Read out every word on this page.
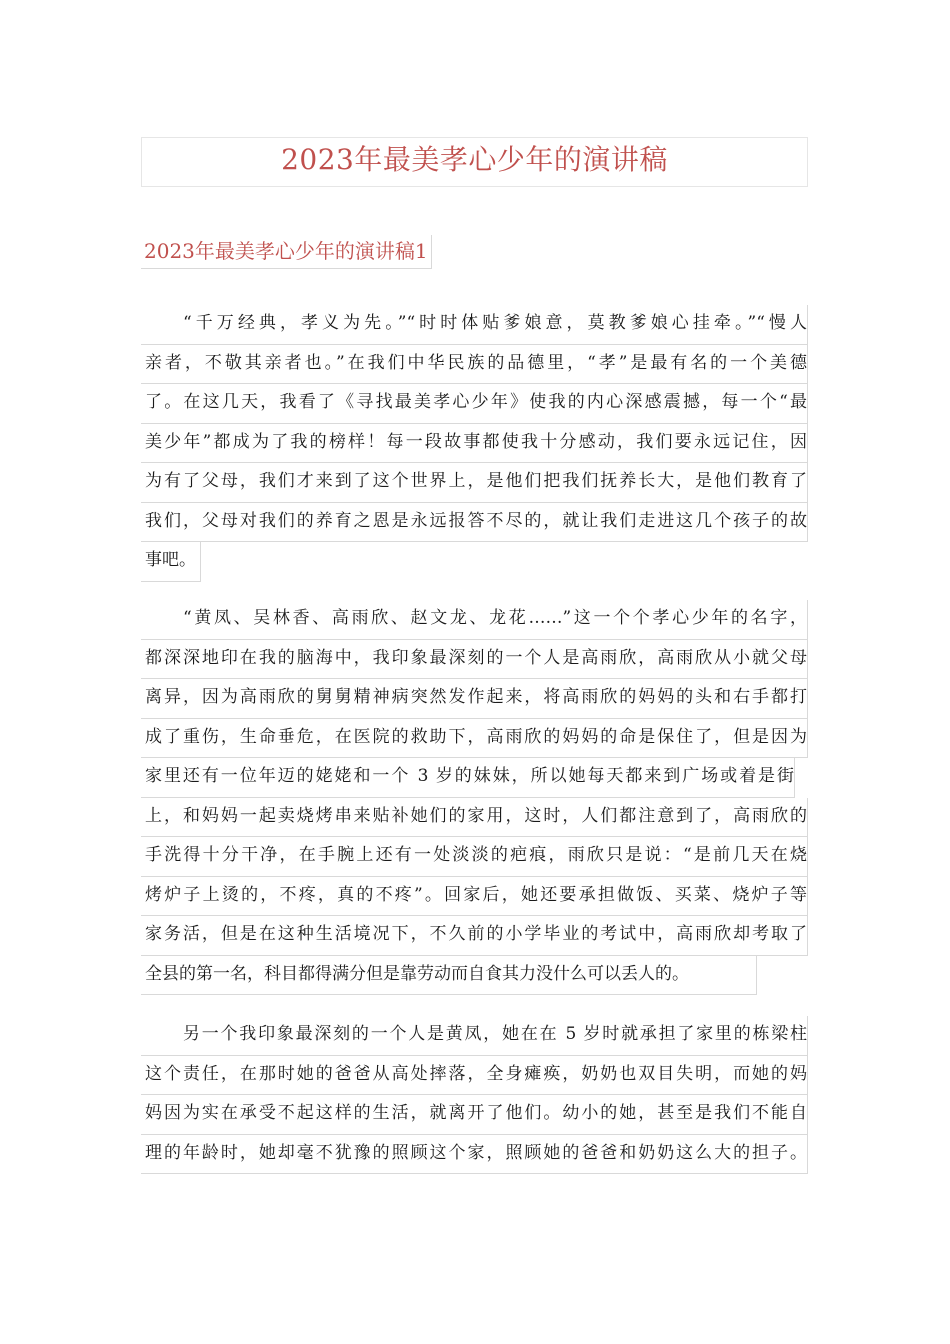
2023年最美孝心少年的演讲稿
2023年最美孝心少年的演讲稿1
“千万经典，孝义为先。”“时时体贴爹娘意，莫教爹娘心挂牵。”“慢人
亲者，不敬其亲者也。”在我们中华民族的品德里，“孝”是最有名的一个美德
了。在这几天，我看了《寻找最美孝心少年》使我的内心深感震撼，每一个“最
美少年”都成为了我的榜样！每一段故事都使我十分感动，我们要永远记住，因
为有了父母，我们才来到了这个世界上，是他们把我们抚养长大，是他们教育了
我们，父母对我们的养育之恩是永远报答不尽的，就让我们走进这几个孩子的故
事吧。
“黄凤、吴林香、高雨欣、赵文龙、龙花……”这一个个孝心少年的名字，
都深深地印在我的脑海中，我印象最深刻的一个人是高雨欣，高雨欣从小就父母
离异，因为高雨欣的舅舅精神病突然发作起来，将高雨欣的妈妈的头和右手都打
成了重伤，生命垂危，在医院的救助下，高雨欣的妈妈的命是保住了，但是因为
家里还有一位年迈的姥姥和一个 3 岁的妹妹，所以她每天都来到广场或着是街
上，和妈妈一起卖烧烤串来贴补她们的家用，这时，人们都注意到了，高雨欣的
手洗得十分干净，在手腕上还有一处淡淡的疤痕，雨欣只是说：“是前几天在烧
烤炉子上烫的，不疼，真的不疼”。回家后，她还要承担做饭、买菜、烧炉子等
家务活，但是在这种生活境况下，不久前的小学毕业的考试中，高雨欣却考取了
全县的第一名，科目都得满分但是靠劳动而自食其力没什么可以丢人的。
另一个我印象最深刻的一个人是黄凤，她在在 5 岁时就承担了家里的栋梁柱
这个责任，在那时她的爸爸从高处摔落，全身瘫痪，奶奶也双目失明，而她的妈
妈因为实在承受不起这样的生活，就离开了他们。幼小的她，甚至是我们不能自
理的年龄时，她却毫不犹豫的照顾这个家，照顾她的爸爸和奶奶这么大的担子。
